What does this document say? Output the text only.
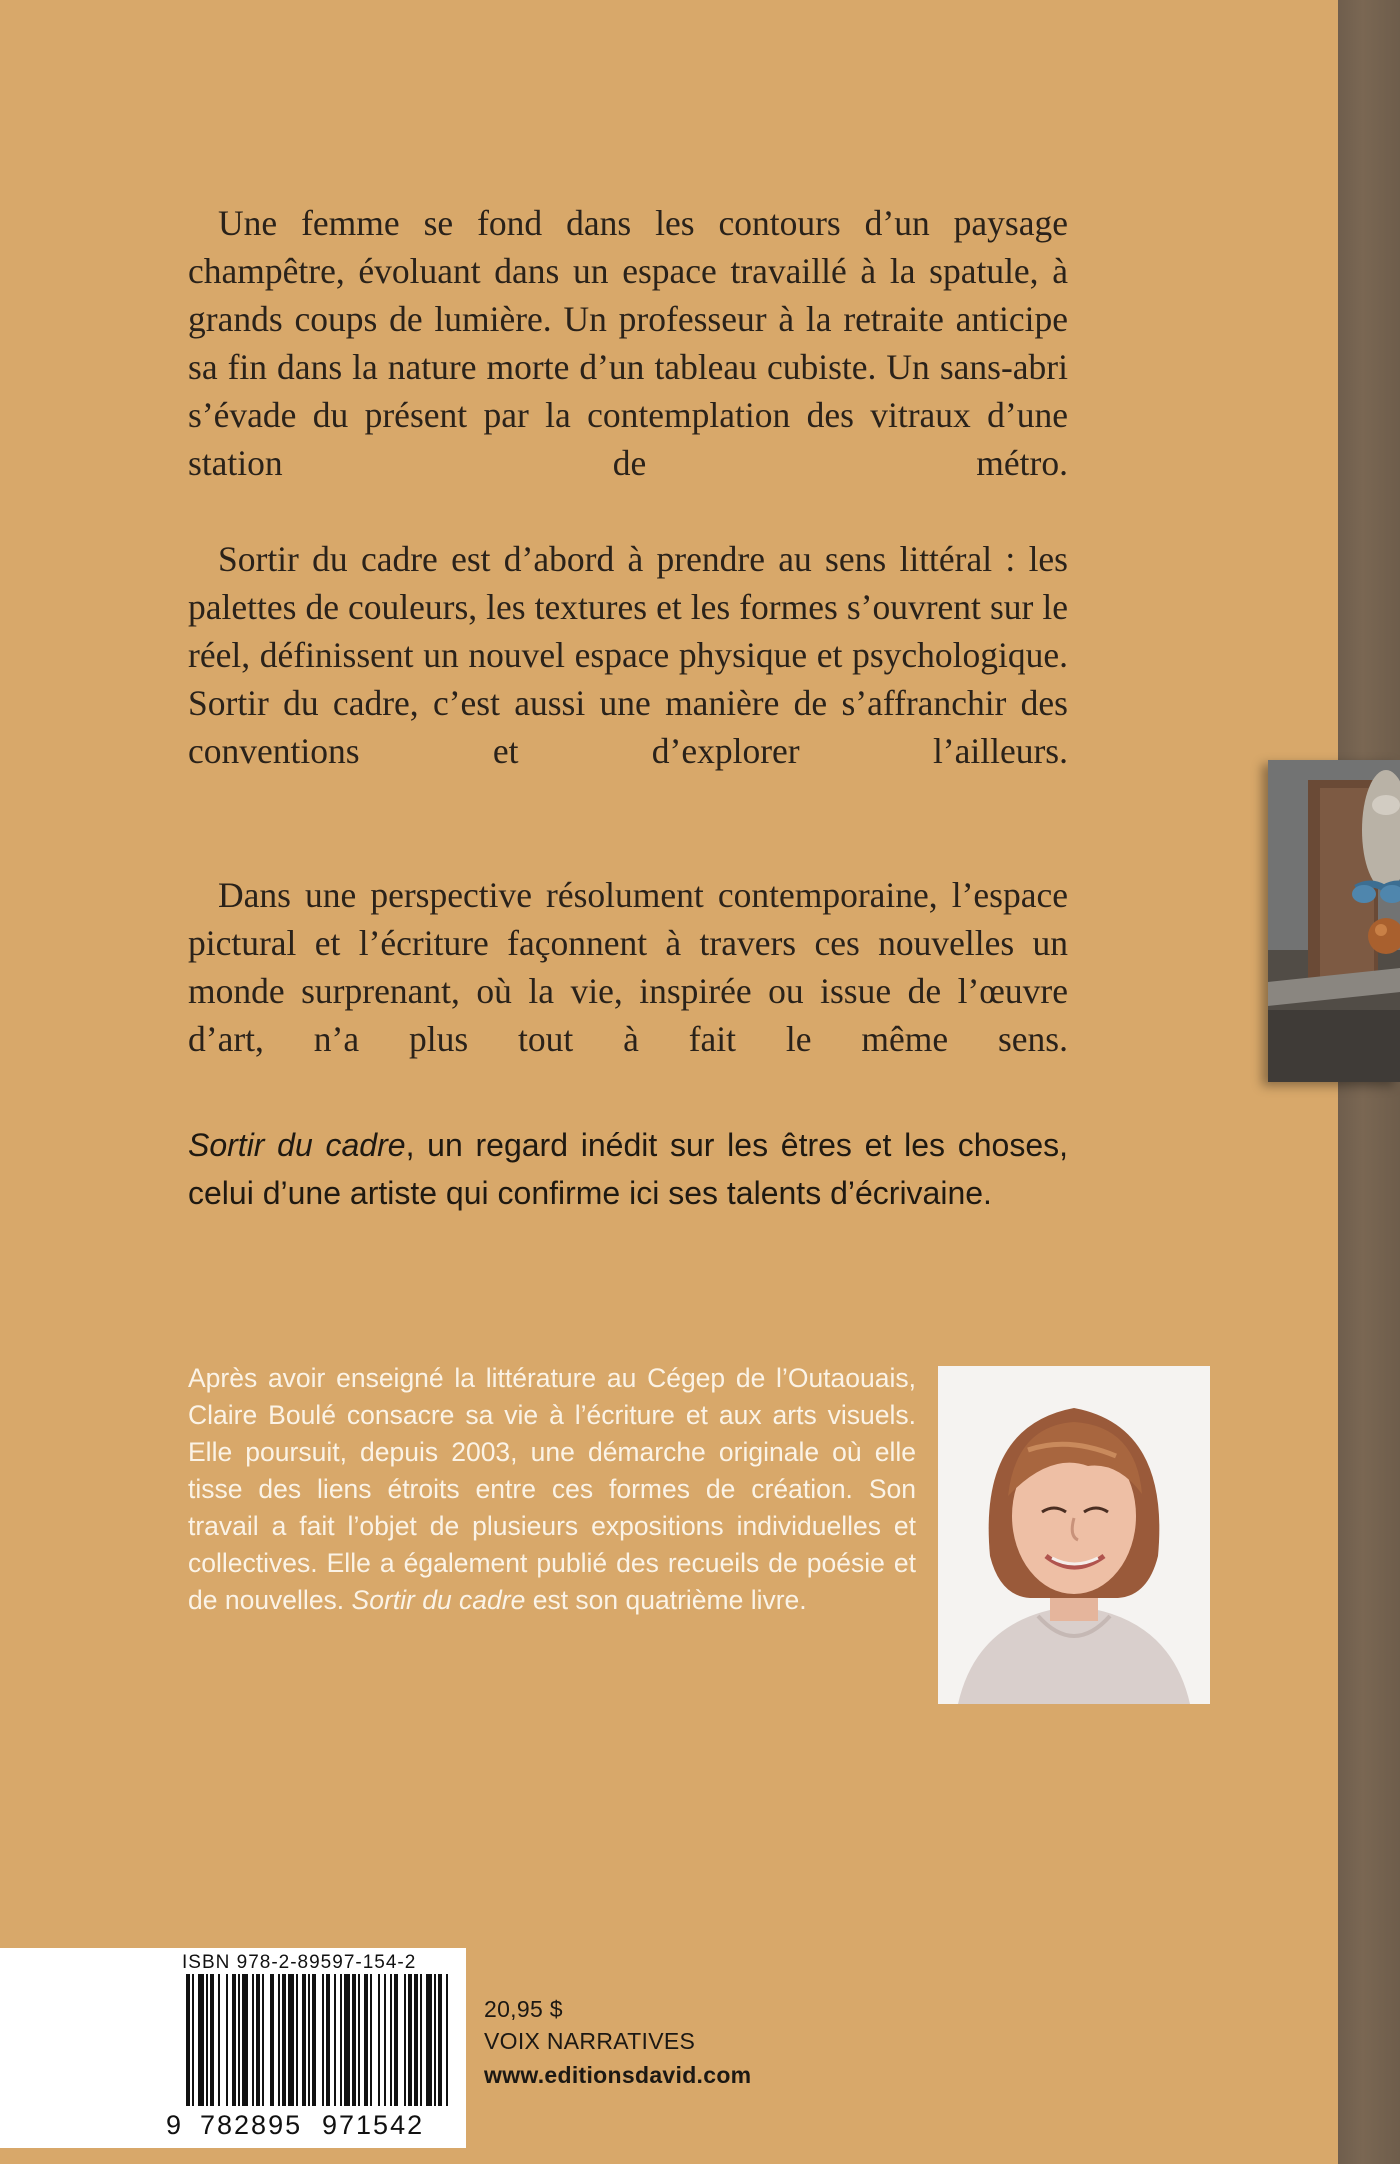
Une femme se fond dans les contours d’un paysage champêtre, évoluant dans un espace travaillé à la spatule, à grands coups de lumière. Un professeur à la retraite anticipe sa fin dans la nature morte d’un tableau cubiste. Un sans-abri s’évade du présent par la contemplation des vitraux d’une station de métro.

Sortir du cadre est d’abord à prendre au sens littéral : les palettes de couleurs, les textures et les formes s’ouvrent sur le réel, définissent un nouvel espace physique et psychologique. Sortir du cadre, c’est aussi une manière de s’affranchir des conventions et d’explorer l’ailleurs.

Dans une perspective résolument contemporaine, l’espace pictural et l’écriture façonnent à travers ces nouvelles un monde surprenant, où la vie, inspirée ou issue de l’œuvre d’art, n’a plus tout à fait le même sens.

Sortir du cadre, un regard inédit sur les êtres et les choses, celui d’une artiste qui confirme ici ses talents d’écrivaine.

Après avoir enseigné la littérature au Cégep de l’Outaouais, Claire Boulé consacre sa vie à l’écriture et aux arts visuels. Elle poursuit, depuis 2003, une démarche originale où elle tisse des liens étroits entre ces formes de création. Son travail a fait l’objet de plusieurs expositions individuelles et collectives. Elle a également publié des recueils de poésie et de nouvelles. Sortir du cadre est son quatrième livre.

ISBN 978-2-89597-154-2

9 782895 971542

20,95 $

VOIX NARRATIVES

www.editionsdavid.com
